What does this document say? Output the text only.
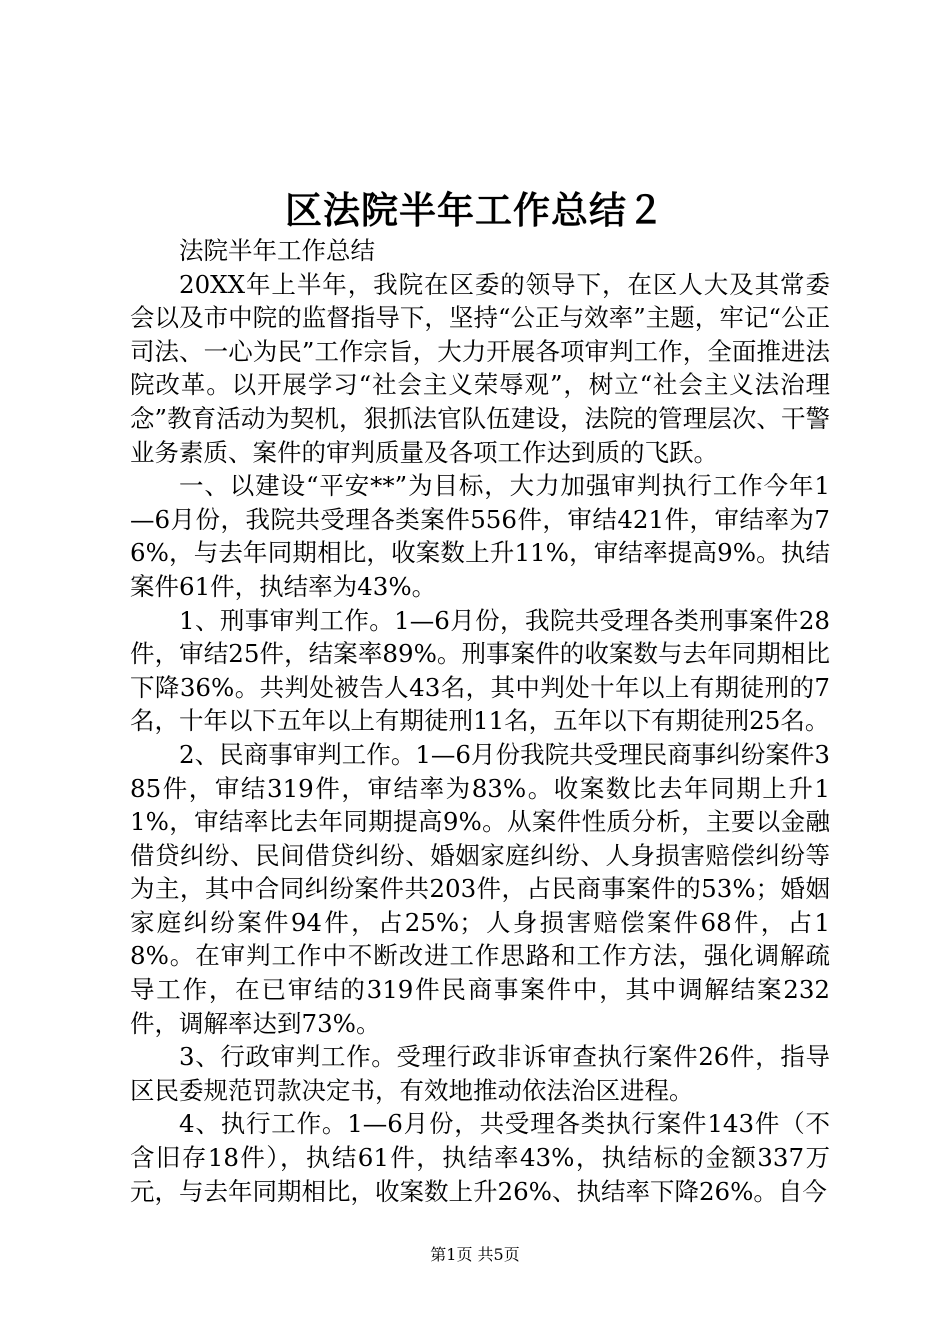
区法院半年工作总结２

法院半年工作总结

20XX年上半年，我院在区委的领导下，在区人大及其常委会以及市中院的监督指导下，坚持“公正与效率”主题，牢记“公正司法、一心为民”工作宗旨，大力开展各项审判工作，全面推进法院改革。以开展学习“社会主义荣辱观”，树立“社会主义法治理念”教育活动为契机，狠抓法官队伍建设，法院的管理层次、干警业务素质、案件的审判质量及各项工作达到质的飞跃。

一、以建设“平安**”为目标，大力加强审判执行工作今年1—6月份，我院共受理各类案件556件，审结421件，审结率为76%，与去年同期相比，收案数上升11%，审结率提高9%。执结案件61件，执结率为43%。

1、刑事审判工作。1—6月份，我院共受理各类刑事案件28件，审结25件，结案率89%。刑事案件的收案数与去年同期相比下降36%。共判处被告人43名，其中判处十年以上有期徒刑的7名，十年以下五年以上有期徒刑11名，五年以下有期徒刑25名。

2、民商事审判工作。1—6月份我院共受理民商事纠纷案件385件，审结319件，审结率为83%。收案数比去年同期上升11%，审结率比去年同期提高9%。从案件性质分析，主要以金融借贷纠纷、民间借贷纠纷、婚姻家庭纠纷、人身损害赔偿纠纷等为主，其中合同纠纷案件共203件，占民商事案件的53%；婚姻家庭纠纷案件94件，占25%；人身损害赔偿案件68件，占18%。在审判工作中不断改进工作思路和工作方法，强化调解疏导工作，在已审结的319件民商事案件中，其中调解结案232件，调解率达到73%。

3、行政审判工作。受理行政非诉审查执行案件26件，指导区民委规范罚款决定书，有效地推动依法治区进程。

4、执行工作。1—6月份，共受理各类执行案件143件（不含旧存18件），执结61件，执结率43%，执结标的金额337万元，与去年同期相比，收案数上升26%、执结率下降26%。自今

第1页 共5页
